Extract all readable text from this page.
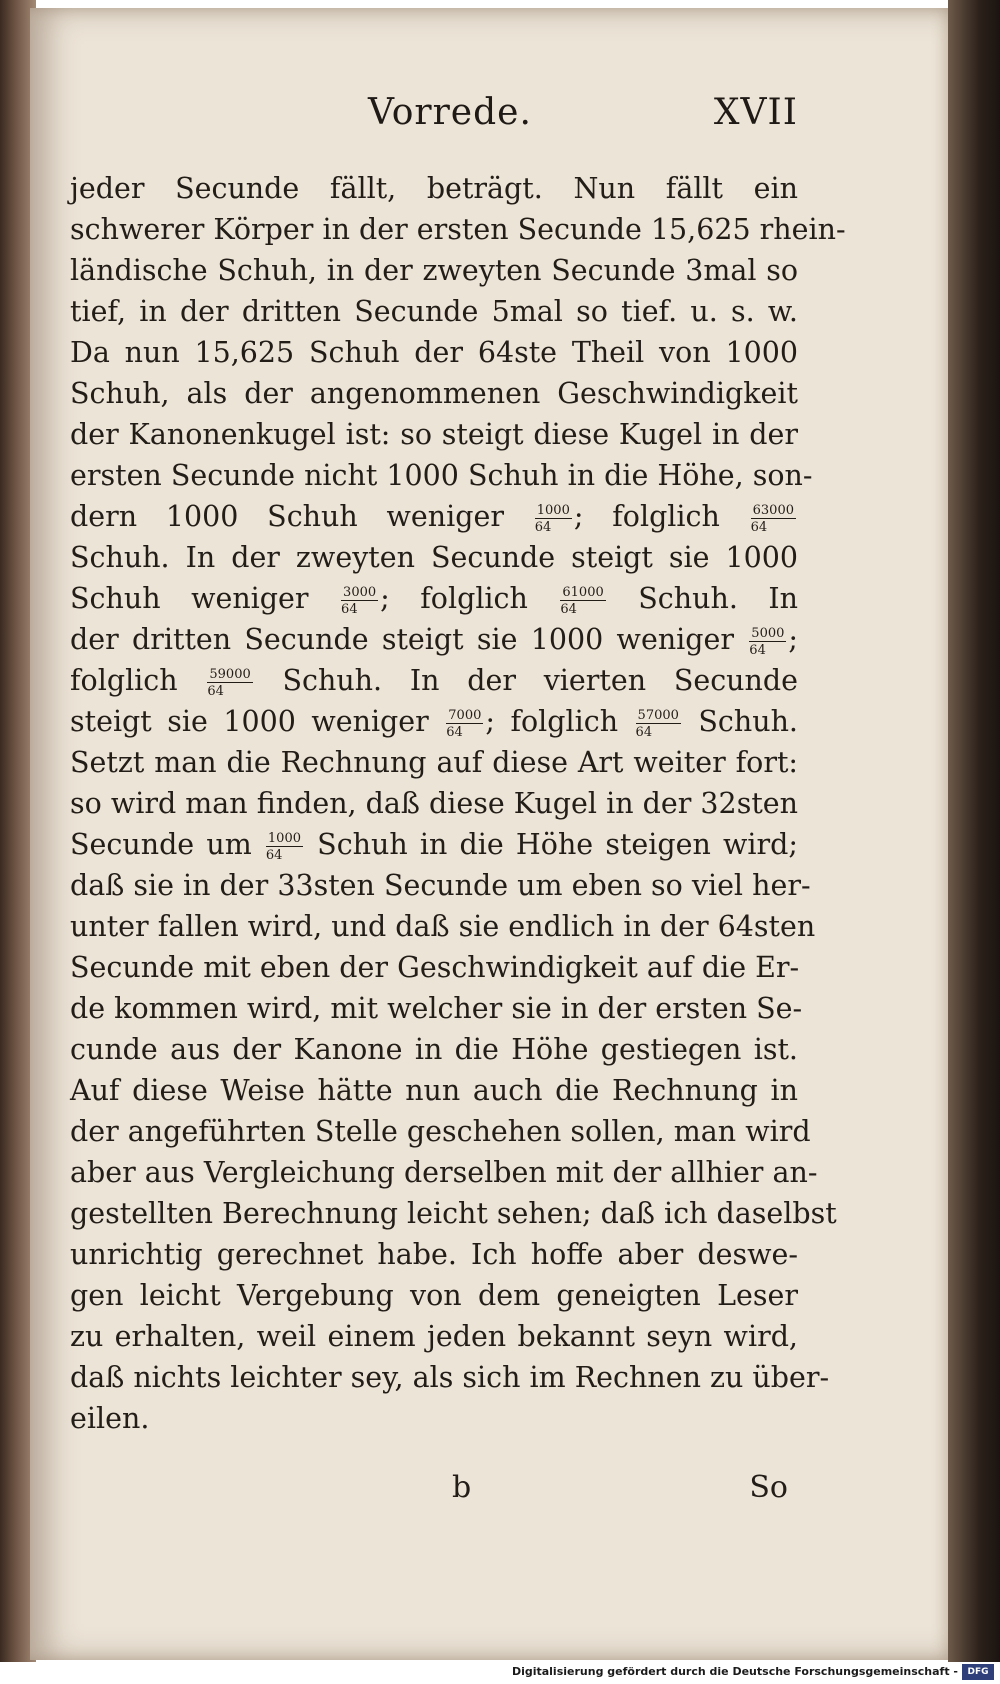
Vorrede.	XVII
jeder Secunde fällt, beträgt. Nun fällt ein
schwerer Körper in der ersten Secunde 15,625 rhein-
ländische Schuh, in der zweyten Secunde 3mal so
tief, in der dritten Secunde 5mal so tief. u. s. w.
Da nun 15,625 Schuh der 64ste Theil von 1000
Schuh, als der angenommenen Geschwindigkeit
der Kanonenkugel ist: so steigt diese Kugel in der
ersten Secunde nicht 1000 Schuh in die Höhe, son-
dern 1000 Schuh weniger $\frac{1000}{64}$ ; folglich $\frac{63000}{64}$
Schuh. In der zweyten Secunde steigt sie 1000
Schuh weniger $\frac{3000}{64}$ ; folglich $\frac{61000}{64}$ Schuh. In
der dritten Secunde steigt sie 1000 weniger $\frac{5000}{64}$ ;
folglich $\frac{59000}{64}$ Schuh. In der vierten Secunde
steigt sie 1000 weniger $\frac{7000}{64}$ ; folglich $\frac{57000}{64}$ Schuh.
Setzt man die Rechnung auf diese Art weiter fort:
so wird man finden, daß diese Kugel in der 32sten
Secunde um $\frac{1000}{64}$ Schuh in die Höhe steigen wird;
daß sie in der 33sten Secunde um eben so viel her-
unter fallen wird, und daß sie endlich in der 64sten
Secunde mit eben der Geschwindigkeit auf die Er-
de kommen wird, mit welcher sie in der ersten Se-
cunde aus der Kanone in die Höhe gestiegen ist.
Auf diese Weise hätte nun auch die Rechnung in
der angeführten Stelle geschehen sollen, man wird
aber aus Vergleichung derselben mit der allhier an-
gestellten Berechnung leicht sehen; daß ich daselbst
unrichtig gerechnet habe. Ich hoffe aber deswe-
gen leicht Vergebung von dem geneigten Leser
zu erhalten, weil einem jeden bekannt seyn wird,
daß nichts leichter sey, als sich im Rechnen zu über-
eilen.
b	So
Digitalisierung gefördert durch die Deutsche Forschungsgemeinschaft -	DFG
